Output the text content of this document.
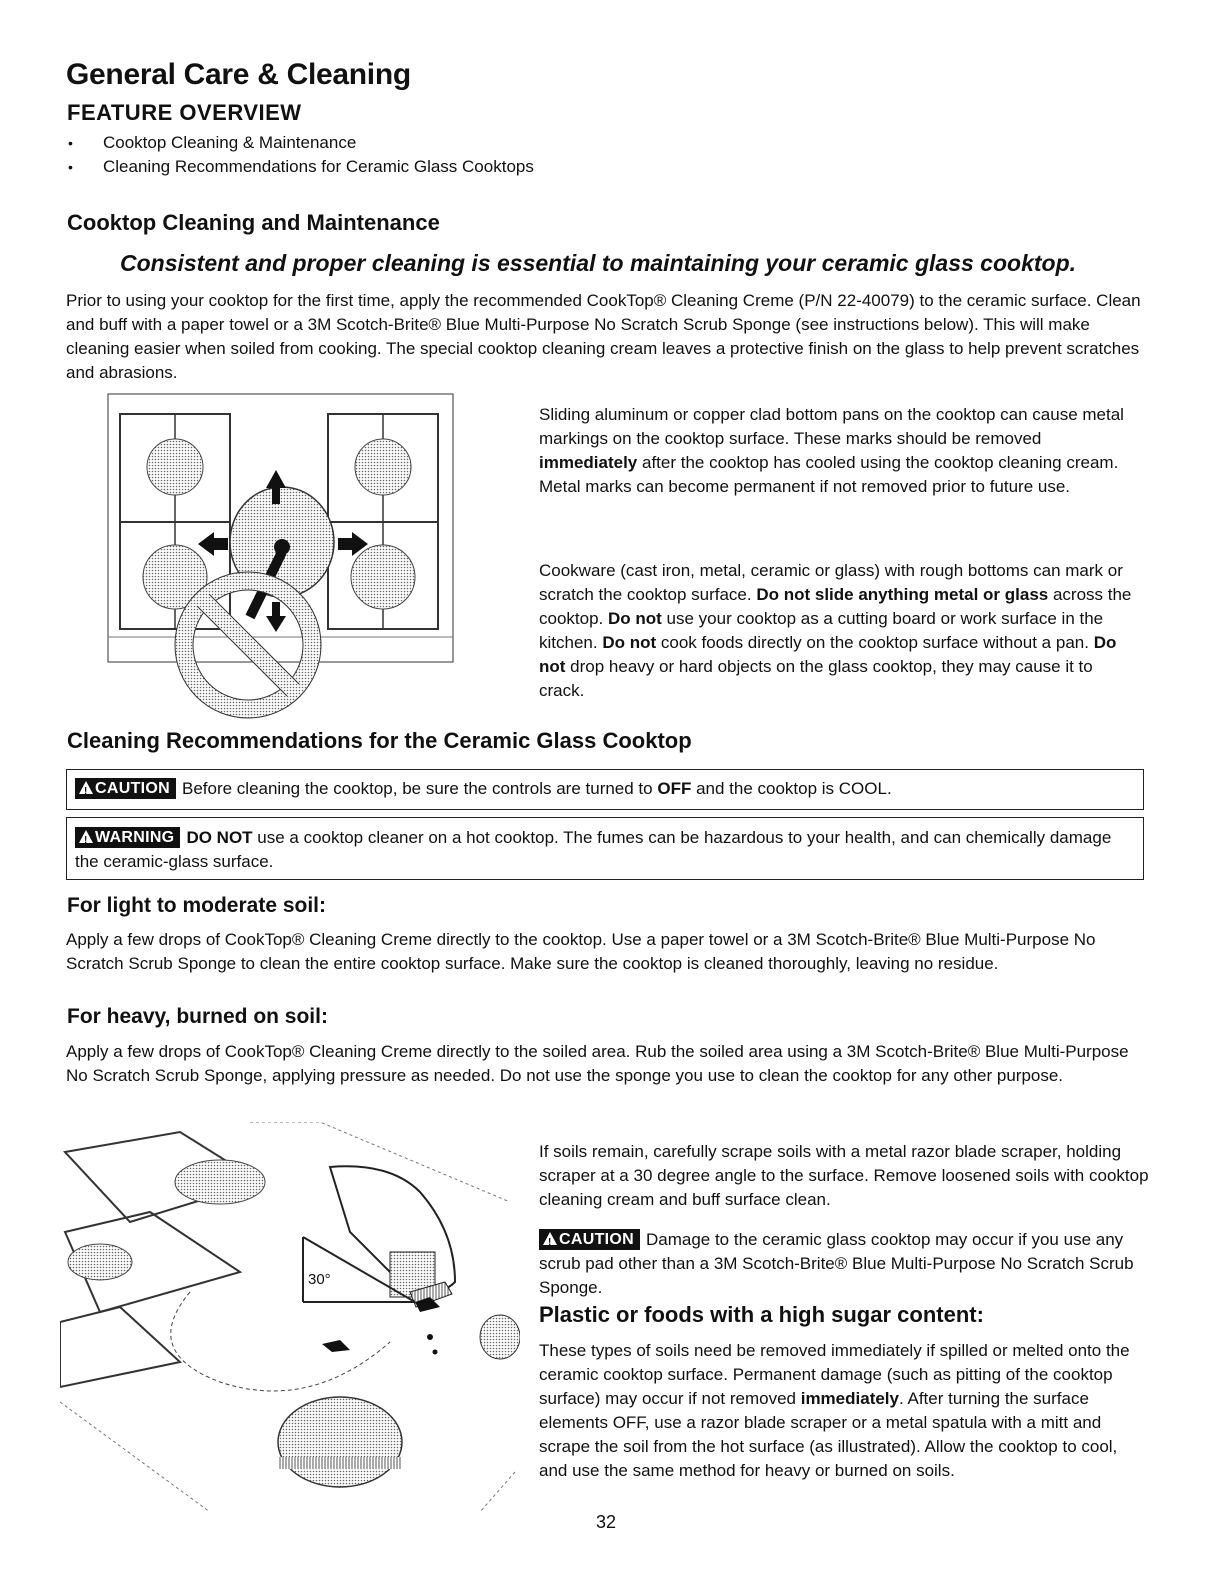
General Care & Cleaning
FEATURE OVERVIEW
• Cooktop Cleaning & Maintenance
• Cleaning Recommendations for Ceramic Glass Cooktops
Cooktop Cleaning and Maintenance
Consistent and proper cleaning is essential to maintaining your ceramic glass cooktop.

Prior to using your cooktop for the first time, apply the recommended CookTop® Cleaning Creme (P/N 22-40079) to the ceramic surface. Clean and buff with a paper towel or a 3M Scotch-Brite® Blue Multi-Purpose No Scratch Scrub Sponge (see instructions below). This will make cleaning easier when soiled from cooking. The special cooktop cleaning cream leaves a protective finish on the glass to help prevent scratches and abrasions.

Sliding aluminum or copper clad bottom pans on the cooktop can cause metal markings on the cooktop surface. These marks should be removed immediately after the cooktop has cooled using the cooktop cleaning cream. Metal marks can become permanent if not removed prior to future use.

Cookware (cast iron, metal, ceramic or glass) with rough bottoms can mark or scratch the cooktop surface. Do not slide anything metal or glass across the cooktop. Do not use your cooktop as a cutting board or work surface in the kitchen. Do not cook foods directly on the cooktop surface without a pan. Do not drop heavy or hard objects on the glass cooktop, they may cause it to crack.

Cleaning Recommendations for the Ceramic Glass Cooktop
!CAUTION Before cleaning the cooktop, be sure the controls are turned to OFF and the cooktop is COOL.
!WARNING DO NOT use a cooktop cleaner on a hot cooktop. The fumes can be hazardous to your health, and can chemically damage the ceramic-glass surface.
For light to moderate soil:

Apply a few drops of CookTop® Cleaning Creme directly to the cooktop. Use a paper towel or a 3M Scotch-Brite® Blue Multi-Purpose No Scratch Scrub Sponge to clean the entire cooktop surface. Make sure the cooktop is cleaned thoroughly, leaving no residue.

For heavy, burned on soil:

Apply a few drops of CookTop® Cleaning Creme directly to the soiled area. Rub the soiled area using a 3M Scotch-Brite® Blue Multi-Purpose No Scratch Scrub Sponge, applying pressure as needed. Do not use the sponge you use to clean the cooktop for any other purpose.

30°

If soils remain, carefully scrape soils with a metal razor blade scraper, holding scraper at a 30 degree angle to the surface. Remove loosened soils with cooktop cleaning cream and buff surface clean.

!CAUTION Damage to the ceramic glass cooktop may occur if you use any scrub pad other than a 3M Scotch-Brite® Blue Multi-Purpose No Scratch Scrub Sponge.

Plastic or foods with a high sugar content:

These types of soils need be removed immediately if spilled or melted onto the ceramic cooktop surface. Permanent damage (such as pitting of the cooktop surface) may occur if not removed immediately. After turning the surface elements OFF, use a razor blade scraper or a metal spatula with a mitt and scrape the soil from the hot surface (as illustrated). Allow the cooktop to cool, and use the same method for heavy or burned on soils.

32
